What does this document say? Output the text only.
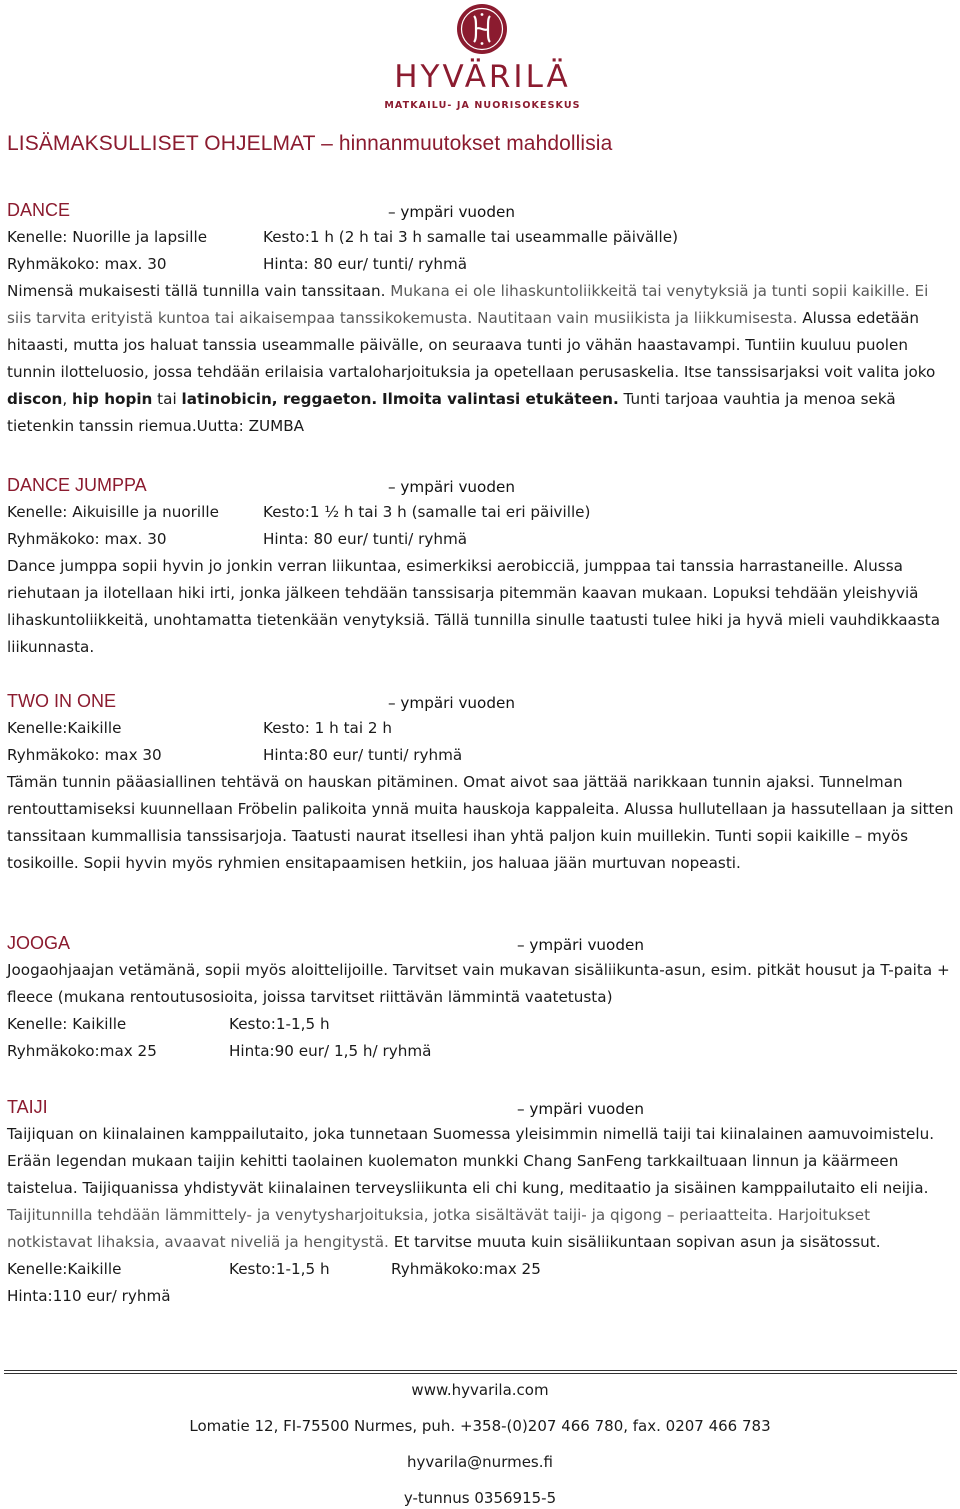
HYVÄRILÄ
MATKAILU- JA NUORISOKESKUS
LISÄMAKSULLISET OHJELMAT – hinnanmuutokset mahdollisia
DANCE	– ympäri vuoden
Kenelle: Nuorille ja lapsille	Kesto:1 h (2 h tai 3 h samalle tai useammalle päivälle)
Ryhmäkoko: max. 30	Hinta: 80 eur/ tunti/ ryhmä

Nimensä mukaisesti tällä tunnilla vain tanssitaan. Mukana ei ole lihaskuntoliikkeitä tai venytyksiä ja tunti sopii kaikille. Ei siis tarvita erityistä kuntoa tai aikaisempaa tanssikokemusta. Nautitaan vain musiikista ja liikkumisesta. Alussa edetään hitaasti, mutta jos haluat tanssia useammalle päivälle, on seuraava tunti jo vähän haastavampi. Tuntiin kuuluu puolen tunnin ilotteluosio, jossa tehdään erilaisia vartaloharjoituksia ja opetellaan perusaskelia. Itse tanssisarjaksi voit valita joko discon, hip hopin tai latinobicin, reggaeton. Ilmoita valintasi etukäteen. Tunti tarjoaa vauhtia ja menoa sekä tietenkin tanssin riemua.Uutta: ZUMBA

DANCE JUMPPA	– ympäri vuoden
Kenelle: Aikuisille ja nuorille	Kesto:1 ½ h tai 3 h (samalle tai eri päiville)
Ryhmäkoko: max. 30	Hinta: 80 eur/ tunti/ ryhmä

Dance jumppa sopii hyvin jo jonkin verran liikuntaa, esimerkiksi aerobicciä, jumppaa tai tanssia harrastaneille. Alussa riehutaan ja ilotellaan hiki irti, jonka jälkeen tehdään tanssisarja pitemmän kaavan mukaan. Lopuksi tehdään yleishyviä lihaskuntoliikkeitä, unohtamatta tietenkään venytyksiä. Tällä tunnilla sinulle taatusti tulee hiki ja hyvä mieli vauhdikkaasta liikunnasta.

TWO IN ONE	– ympäri vuoden
Kenelle:Kaikille	Kesto: 1 h tai 2 h
Ryhmäkoko: max 30	Hinta:80 eur/ tunti/ ryhmä

Tämän tunnin pääasiallinen tehtävä on hauskan pitäminen. Omat aivot saa jättää narikkaan tunnin ajaksi. Tunnelman rentouttamiseksi kuunnellaan Fröbelin palikoita ynnä muita hauskoja kappaleita. Alussa hullutellaan ja hassutellaan ja sitten tanssitaan kummallisia tanssisarjoja. Taatusti naurat itsellesi ihan yhtä paljon kuin muillekin. Tunti sopii kaikille – myös tosikoille. Sopii hyvin myös ryhmien ensitapaamisen hetkiin, jos haluaa jään murtuvan nopeasti.

JOOGA	– ympäri vuoden

Joogaohjaajan vetämänä, sopii myös aloittelijoille. Tarvitset vain mukavan sisäliikunta-asun, esim. pitkät housut ja T-paita + fleece (mukana rentoutusosioita, joissa tarvitset riittävän lämmintä vaatetusta)

Kenelle: Kaikille	Kesto:1-1,5 h
Ryhmäkoko:max 25	Hinta:90 eur/ 1,5 h/ ryhmä
TAIJI	– ympäri vuoden

Taijiquan on kiinalainen kamppailutaito, joka tunnetaan Suomessa yleisimmin nimellä taiji tai kiinalainen aamuvoimistelu. Erään legendan mukaan taijin kehitti taolainen kuolematon munkki Chang SanFeng tarkkailtuaan linnun ja käärmeen taistelua. Taijiquanissa yhdistyvät kiinalainen terveysliikunta eli chi kung, meditaatio ja sisäinen kamppailutaito eli neijia. Taijitunnilla tehdään lämmittely- ja venytysharjoituksia, jotka sisältävät taiji- ja qigong – periaatteita. Harjoitukset notkistavat lihaksia, avaavat niveliä ja hengitystä. Et tarvitse muuta kuin sisäliikuntaan sopivan asun ja sisätossut.

Kenelle:Kaikille	Kesto:1-1,5 h	Ryhmäkoko:max 25
Hinta:110 eur/ ryhmä
www.hyvarila.com
Lomatie 12, FI-75500 Nurmes, puh. +358-(0)207 466 780, fax. 0207 466 783
hyvarila@nurmes.fi
y-tunnus 0356915-5
